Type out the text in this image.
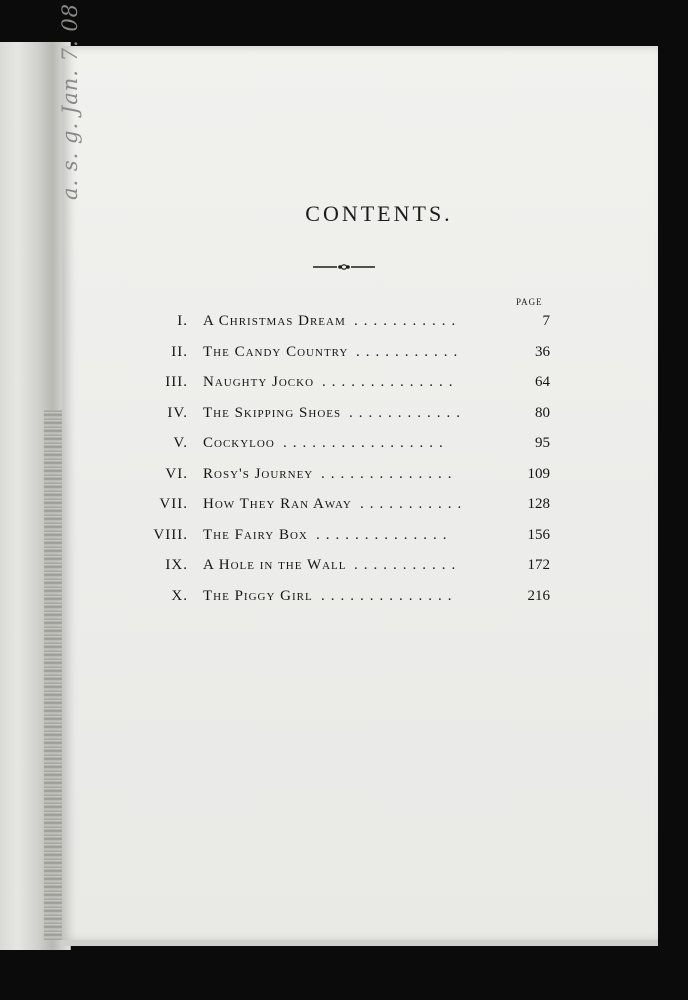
a. s. g. Jan. 7. 08
CONTENTS.
PAGE
I. A Christmas Dream ...........	7
II. The Candy Country ...........	36
III. Naughty Jocko ..............	64
IV. The Skipping Shoes ............	80
V. Cockyloo .................	95
VI. Rosy's Journey ..............	109
VII. How They Ran Away ...........	128
VIII. The Fairy Box ..............	156
IX. A Hole in the Wall ...........	172
X. The Piggy Girl ..............	216
